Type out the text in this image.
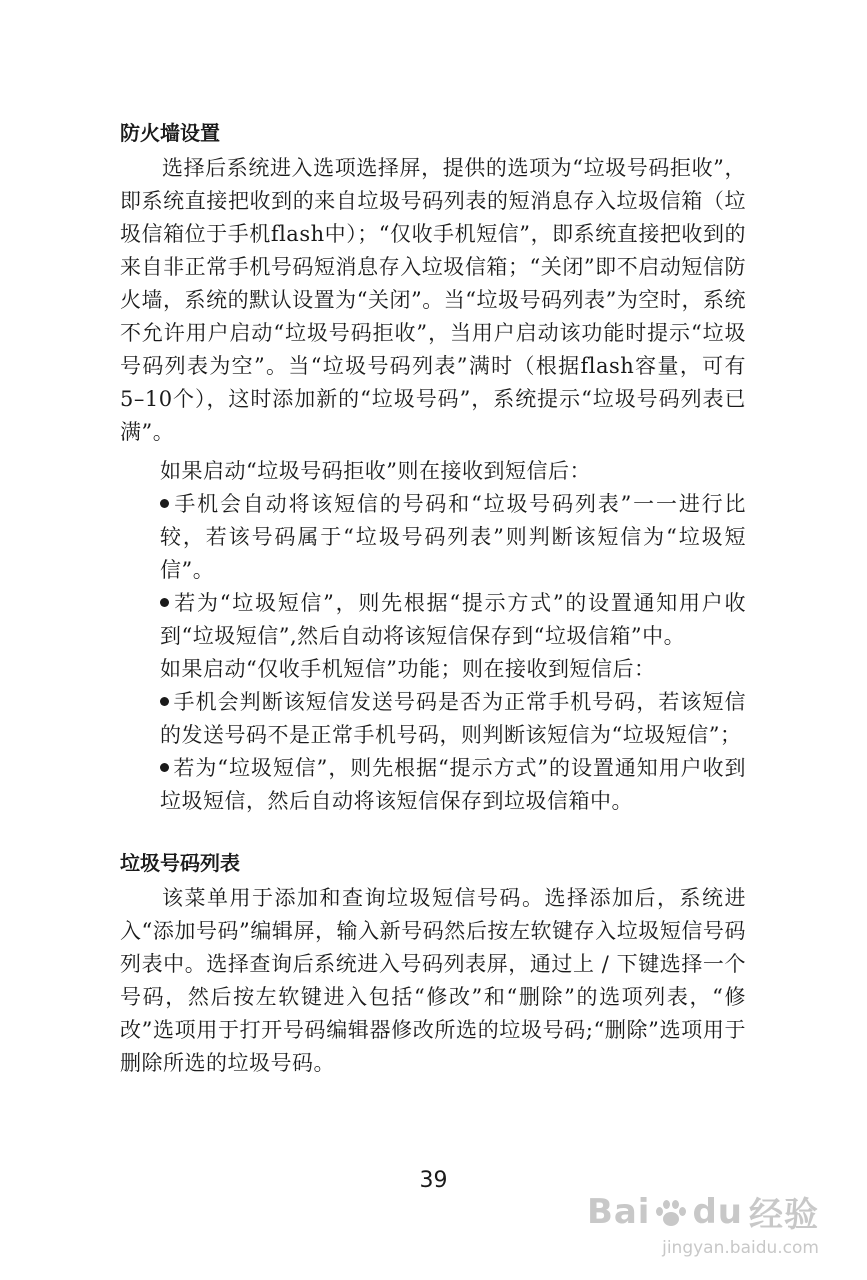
防火墙设置

选择后系统进入选项选择屏，提供的选项为“垃圾号码拒收”，即系统直接把收到的来自垃圾号码列表的短消息存入垃圾信箱（垃圾信箱位于手机flash中）；“仅收手机短信”，即系统直接把收到的来自非正常手机号码短消息存入垃圾信箱；“关闭”即不启动短信防火墙，系统的默认设置为“关闭”。当“垃圾号码列表”为空时，系统不允许用户启动“垃圾号码拒收”，当用户启动该功能时提示“垃圾号码列表为空”。当“垃圾号码列表”满时（根据flash容量，可有5–10个），这时添加新的“垃圾号码”，系统提示“垃圾号码列表已满”。

如果启动“垃圾号码拒收”则在接收到短信后：

手机会自动将该短信的号码和“垃圾号码列表”一一进行比较，若该号码属于“垃圾号码列表”则判断该短信为“垃圾短信”。

若为“垃圾短信”，则先根据“提示方式”的设置通知用户收到“垃圾短信”,然后自动将该短信保存到“垃圾信箱”中。

如果启动“仅收手机短信”功能；则在接收到短信后：

手机会判断该短信发送号码是否为正常手机号码，若该短信的发送号码不是正常手机号码，则判断该短信为“垃圾短信”；

若为“垃圾短信”，则先根据“提示方式”的设置通知用户收到垃圾短信，然后自动将该短信保存到垃圾信箱中。

垃圾号码列表

该菜单用于添加和查询垃圾短信号码。选择添加后，系统进入“添加号码”编辑屏，输入新号码然后按左软键存入垃圾短信号码列表中。选择查询后系统进入号码列表屏，通过上 / 下键选择一个号码，然后按左软键进入包括“修改”和“删除”的选项列表，“修改”选项用于打开号码编辑器修改所选的垃圾号码;“删除”选项用于删除所选的垃圾号码。

39
Bai du 经验
jingyan.baidu.com
